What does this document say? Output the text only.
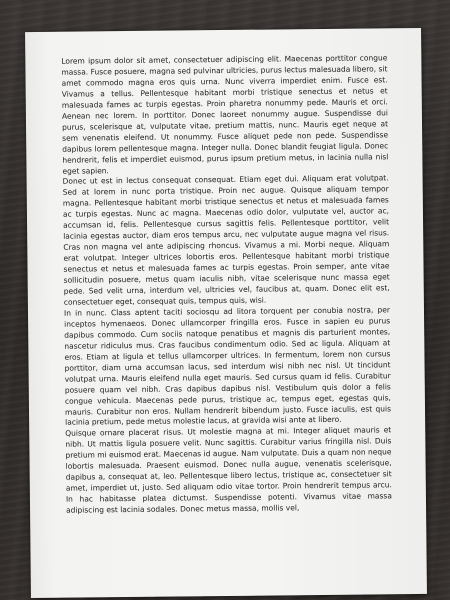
Lorem ipsum dolor sit amet, consectetuer adipiscing elit. Maecenas porttitor congue massa. Fusce posuere, magna sed pulvinar ultricies, purus lectus malesuada libero, sit amet commodo magna eros quis urna. Nunc viverra imperdiet enim. Fusce est. Vivamus a tellus. Pellentesque habitant morbi tristique senectus et netus et malesuada fames ac turpis egestas. Proin pharetra nonummy pede. Mauris et orci. Aenean nec lorem. In porttitor. Donec laoreet nonummy augue. Suspendisse dui purus, scelerisque at, vulputate vitae, pretium mattis, nunc. Mauris eget neque at sem venenatis eleifend. Ut nonummy. Fusce aliquet pede non pede. Suspendisse dapibus lorem pellentesque magna. Integer nulla. Donec blandit feugiat ligula. Donec hendrerit, felis et imperdiet euismod, purus ipsum pretium metus, in lacinia nulla nisl eget sapien.

Donec ut est in lectus consequat consequat. Etiam eget dui. Aliquam erat volutpat. Sed at lorem in nunc porta tristique. Proin nec augue. Quisque aliquam tempor magna. Pellentesque habitant morbi tristique senectus et netus et malesuada fames ac turpis egestas. Nunc ac magna. Maecenas odio dolor, vulputate vel, auctor ac, accumsan id, felis. Pellentesque cursus sagittis felis. Pellentesque porttitor, velit lacinia egestas auctor, diam eros tempus arcu, nec vulputate augue magna vel risus. Cras non magna vel ante adipiscing rhoncus. Vivamus a mi. Morbi neque. Aliquam erat volutpat. Integer ultrices lobortis eros. Pellentesque habitant morbi tristique senectus et netus et malesuada fames ac turpis egestas. Proin semper, ante vitae sollicitudin posuere, metus quam iaculis nibh, vitae scelerisque nunc massa eget pede. Sed velit urna, interdum vel, ultricies vel, faucibus at, quam. Donec elit est, consectetuer eget, consequat quis, tempus quis, wisi.

In in nunc. Class aptent taciti sociosqu ad litora torquent per conubia nostra, per inceptos hymenaeos. Donec ullamcorper fringilla eros. Fusce in sapien eu purus dapibus commodo. Cum sociis natoque penatibus et magnis dis parturient montes, nascetur ridiculus mus. Cras faucibus condimentum odio. Sed ac ligula. Aliquam at eros. Etiam at ligula et tellus ullamcorper ultrices. In fermentum, lorem non cursus porttitor, diam urna accumsan lacus, sed interdum wisi nibh nec nisl. Ut tincidunt volutpat urna. Mauris eleifend nulla eget mauris. Sed cursus quam id felis. Curabitur posuere quam vel nibh. Cras dapibus dapibus nisl. Vestibulum quis dolor a felis congue vehicula. Maecenas pede purus, tristique ac, tempus eget, egestas quis, mauris. Curabitur non eros. Nullam hendrerit bibendum justo. Fusce iaculis, est quis lacinia pretium, pede metus molestie lacus, at gravida wisi ante at libero.

Quisque ornare placerat risus. Ut molestie magna at mi. Integer aliquet mauris et nibh. Ut mattis ligula posuere velit. Nunc sagittis. Curabitur varius fringilla nisl. Duis pretium mi euismod erat. Maecenas id augue. Nam vulputate. Duis a quam non neque lobortis malesuada. Praesent euismod. Donec nulla augue, venenatis scelerisque, dapibus a, consequat at, leo. Pellentesque libero lectus, tristique ac, consectetuer sit amet, imperdiet ut, justo. Sed aliquam odio vitae tortor. Proin hendrerit tempus arcu. In hac habitasse platea dictumst. Suspendisse potenti. Vivamus vitae massa adipiscing est lacinia sodales. Donec metus massa, mollis vel,
